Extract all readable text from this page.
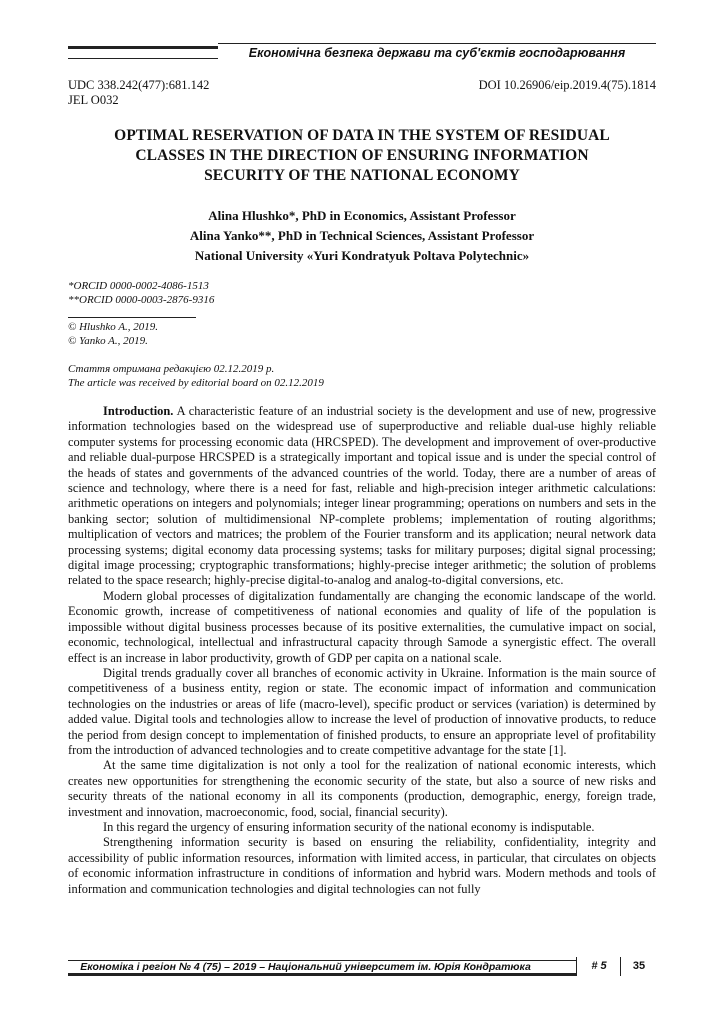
Економічна безпека держави та суб'єктів господарювання
UDC 338.242(477):681.142
JEL O032
DOI 10.26906/eip.2019.4(75).1814
OPTIMAL RESERVATION OF DATA IN THE SYSTEM OF RESIDUAL
CLASSES IN THE DIRECTION OF ENSURING INFORMATION
SECURITY OF THE NATIONAL ECONOMY
Alina Hlushko*, PhD in Economics, Assistant Professor
Alina Yanko**, PhD in Technical Sciences, Assistant Professor
National University «Yuri Kondratyuk Poltava Polytechnic»
*ORCID 0000-0002-4086-1513
**ORCID 0000-0003-2876-9316
© Hlushko A., 2019.
© Yanko A., 2019.
Стаття отримана редакцією 02.12.2019 р.
The article was received by editorial board on 02.12.2019

Introduction. A characteristic feature of an industrial society is the development and use of new, progressive information technologies based on the widespread use of superproductive and reliable dual-use highly reliable computer systems for processing economic data (HRCSPED). The development and improvement of over-productive and reliable dual-purpose HRCSPED is a strategically important and topical issue and is under the special control of the heads of states and governments of the advanced countries of the world. Today, there are a number of areas of science and technology, where there is a need for fast, reliable and high-precision integer arithmetic calculations: arithmetic operations on integers and polynomials; integer linear programming; operations on numbers and sets in the banking sector; solution of multidimensional NP-complete problems; implementation of routing algorithms; multiplication of vectors and matrices; the problem of the Fourier transform and its application; neural network data processing systems; digital economy data processing systems; tasks for military purposes; digital signal processing; digital image processing; cryptographic transformations; highly-precise integer arithmetic; the solution of problems related to the space research; highly-precise digital-to-analog and analog-to-digital conversions, etc.

Modern global processes of digitalization fundamentally are changing the economic landscape of the world. Economic growth, increase of competitiveness of national economies and quality of life of the population is impossible without digital business processes because of its positive externalities, the cumulative impact on social, economic, technological, intellectual and infrastructural capacity through Samode a synergistic effect. The overall effect is an increase in labor productivity, growth of GDP per capita on a national scale.

Digital trends gradually cover all branches of economic activity in Ukraine. Information is the main source of competitiveness of a business entity, region or state. The economic impact of information and communication technologies on the industries or areas of life (macro-level), specific product or services (variation) is determined by added value. Digital tools and technologies allow to increase the level of production of innovative products, to reduce the period from design concept to implementation of finished products, to ensure an appropriate level of profitability from the introduction of advanced technologies and to create competitive advantage for the state [1].

At the same time digitalization is not only a tool for the realization of national economic interests, which creates new opportunities for strengthening the economic security of the state, but also a source of new risks and security threats of the national economy in all its components (production, demographic, energy, foreign trade, investment and innovation, macroeconomic, food, social, financial security).

In this regard the urgency of ensuring information security of the national economy is indisputable.

Strengthening information security is based on ensuring the reliability, confidentiality, integrity and accessibility of public information resources, information with limited access, in particular, that circulates on objects of economic information infrastructure in conditions of information and hybrid wars. Modern methods and tools of information and communication technologies and digital technologies can not fully

Економіка і регіон № 4 (75) – 2019 – Національний університет ім. Юрія Кондратюка	# 5	35
